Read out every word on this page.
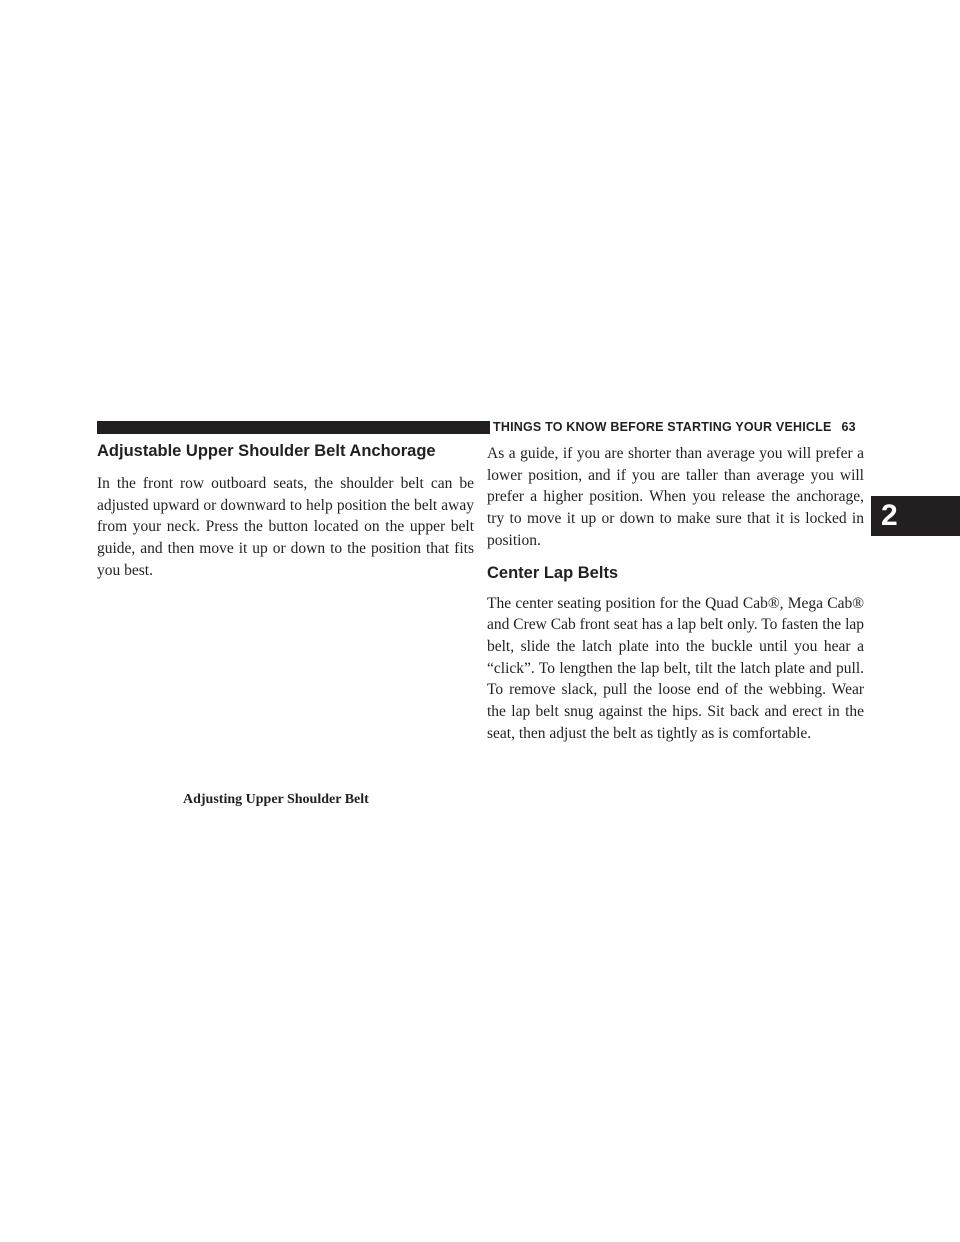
THINGS TO KNOW BEFORE STARTING YOUR VEHICLE 63
2
Adjustable Upper Shoulder Belt Anchorage

In the front row outboard seats, the shoulder belt can be adjusted upward or downward to help position the belt away from your neck. Press the button located on the upper belt guide, and then move it up or down to the position that fits you best.

Adjusting Upper Shoulder Belt

As a guide, if you are shorter than average you will prefer a lower position, and if you are taller than average you will prefer a higher position. When you release the anchorage, try to move it up or down to make sure that it is locked in position.

Center Lap Belts

The center seating position for the Quad Cab®, Mega Cab® and Crew Cab front seat has a lap belt only. To fasten the lap belt, slide the latch plate into the buckle until you hear a “click”. To lengthen the lap belt, tilt the latch plate and pull. To remove slack, pull the loose end of the webbing. Wear the lap belt snug against the hips. Sit back and erect in the seat, then adjust the belt as tightly as is comfortable.
